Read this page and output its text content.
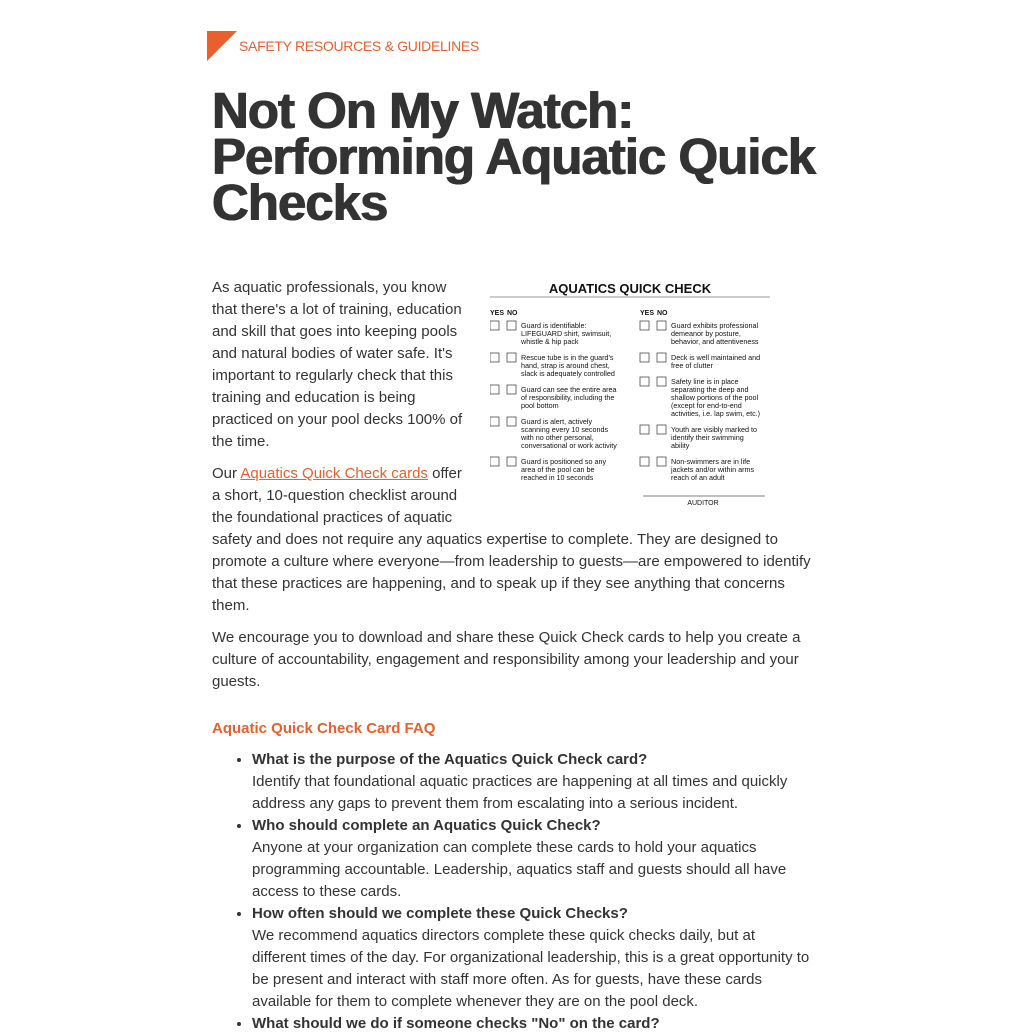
SAFETY RESOURCES & GUIDELINES
Not On My Watch: Performing Aquatic Quick Checks
AQUATICS QUICK CHECK
YES NO	YES NO
Guard is identifiable:
LIFEGUARD shirt, swimsuit,
whistle & hip pack
Rescue tube is in the guard's
hand, strap is around chest,
slack is adequately controlled
Guard can see the entire area
of responsibility, including the
pool bottom
Guard is alert, actively
scanning every 10 seconds
with no other personal,
conversational or work activity
Guard is positioned so any
area of the pool can be
reached in 10 seconds
Guard exhibits professional
demeanor by posture,
behavior, and attentiveness
Deck is well maintained and
free of clutter
Safety line is in place
separating the deep and
shallow portions of the pool
(except for end-to-end
activities, i.e. lap swim, etc.)
Youth are visibly marked to
identify their swimming
ability
Non-swimmers are in life
jackets and/or within arms
reach of an adult
AUDITOR

As aquatic professionals, you know that there's a lot of training, education and skill that goes into keeping pools and natural bodies of water safe. It's important to regularly check that this training and education is being practiced on your pool decks 100% of the time.

Our Aquatics Quick Check cards offer a short, 10-question checklist around the foundational practices of aquatic safety and does not require any aquatics expertise to complete. They are designed to promote a culture where everyone—from leadership to guests—are empowered to identify that these practices are happening, and to speak up if they see anything that concerns them.

We encourage you to download and share these Quick Check cards to help you create a culture of accountability, engagement and responsibility among your leadership and your guests.

Aquatic Quick Check Card FAQ
• What is the purpose of the Aquatics Quick Check card?
Identify that foundational aquatic practices are happening at all times and quickly address any gaps to prevent them from escalating into a serious incident.
• Who should complete an Aquatics Quick Check?
Anyone at your organization can complete these cards to hold your aquatics programming accountable. Leadership, aquatics staff and guests should all have access to these cards.
• How often should we complete these Quick Checks?
We recommend aquatics directors complete these quick checks daily, but at different times of the day. For organizational leadership, this is a great opportunity to be present and interact with staff more often. As for guests, have these cards available for them to complete whenever they are on the pool deck.
• What should we do if someone checks "No" on the card?
